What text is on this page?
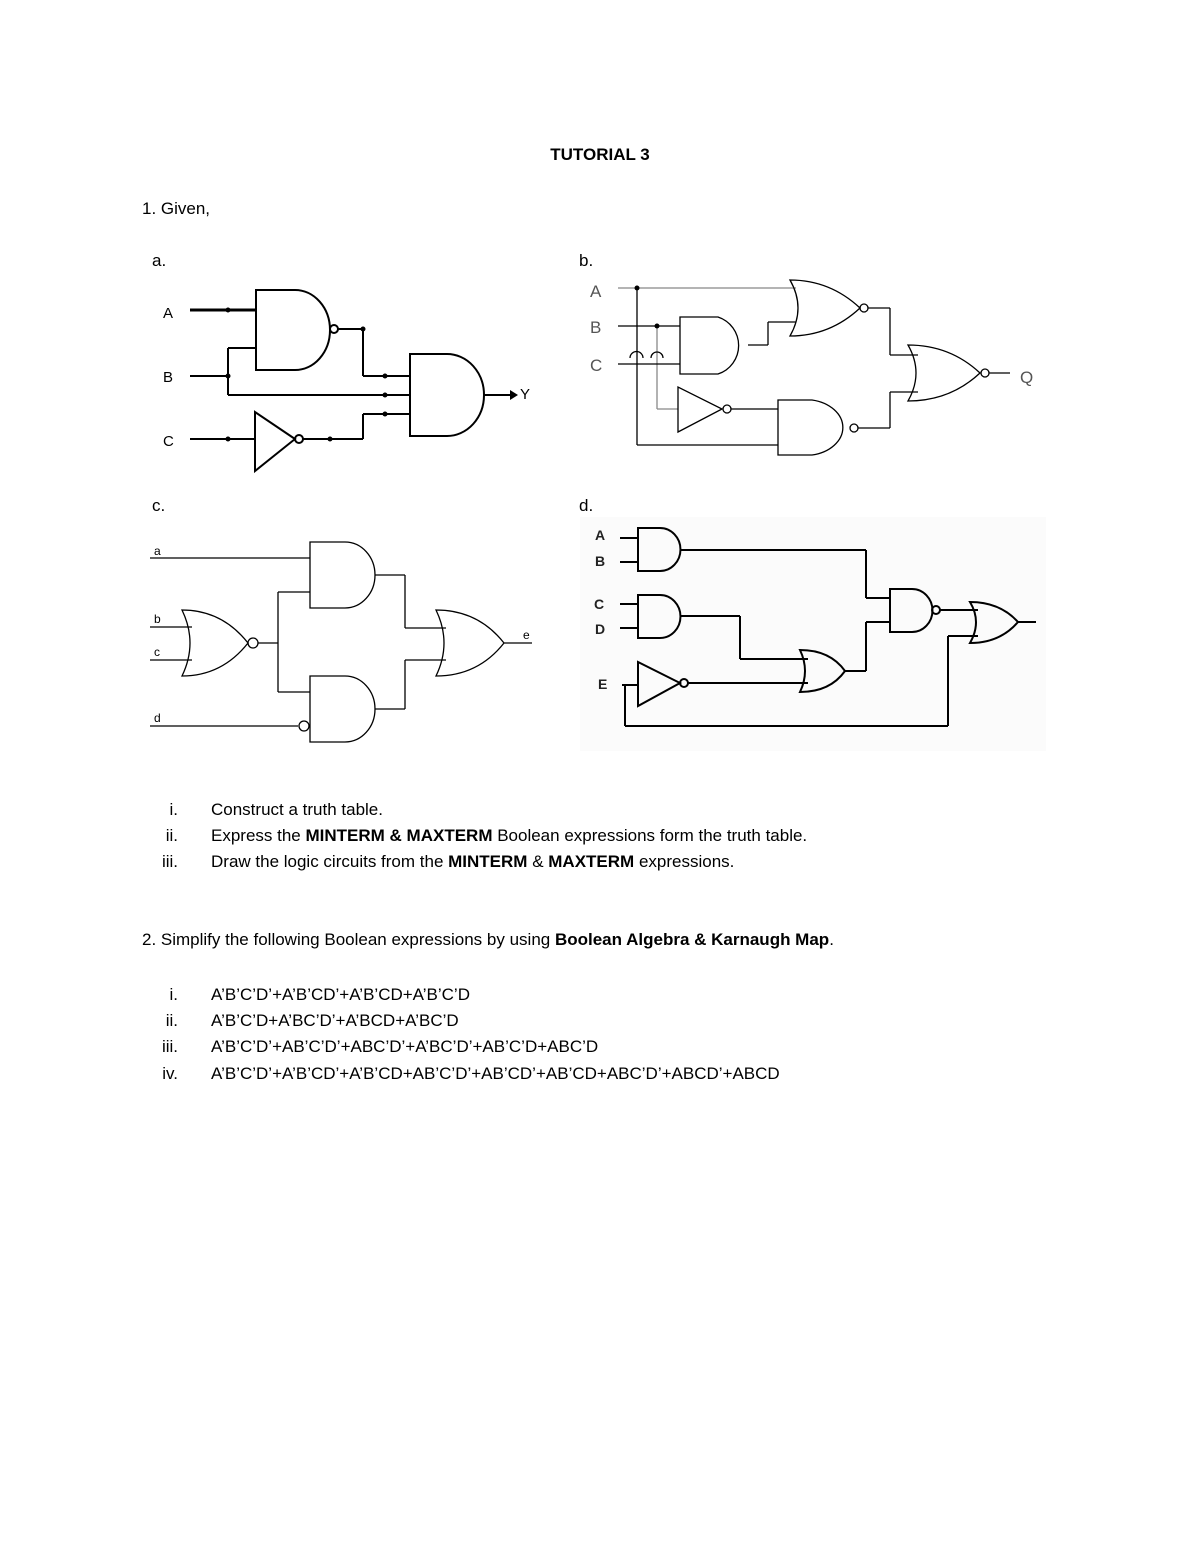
TUTORIAL 3
1. Given,
a.	b.
c.	d.
A
B
C
Y
A
B
C
Q
a
b
c
d
e
A
B
C
D
E
i. Construct a truth table.
ii. Express the MINTERM & MAXTERM Boolean expressions form the truth table.
iii. Draw the logic circuits from the MINTERM & MAXTERM expressions.
2. Simplify the following Boolean expressions by using Boolean Algebra & Karnaugh Map.
i. A’B’C’D’+A’B’CD’+A’B’CD+A’B’C’D
ii. A’B’C’D+A’BC’D’+A’BCD+A’BC’D
iii. A’B’C’D’+AB’C’D’+ABC’D’+A’BC’D’+AB’C’D+ABC’D
iv. A’B’C’D’+A’B’CD’+A’B’CD+AB’C’D’+AB’CD’+AB’CD+ABC’D’+ABCD’+ABCD
